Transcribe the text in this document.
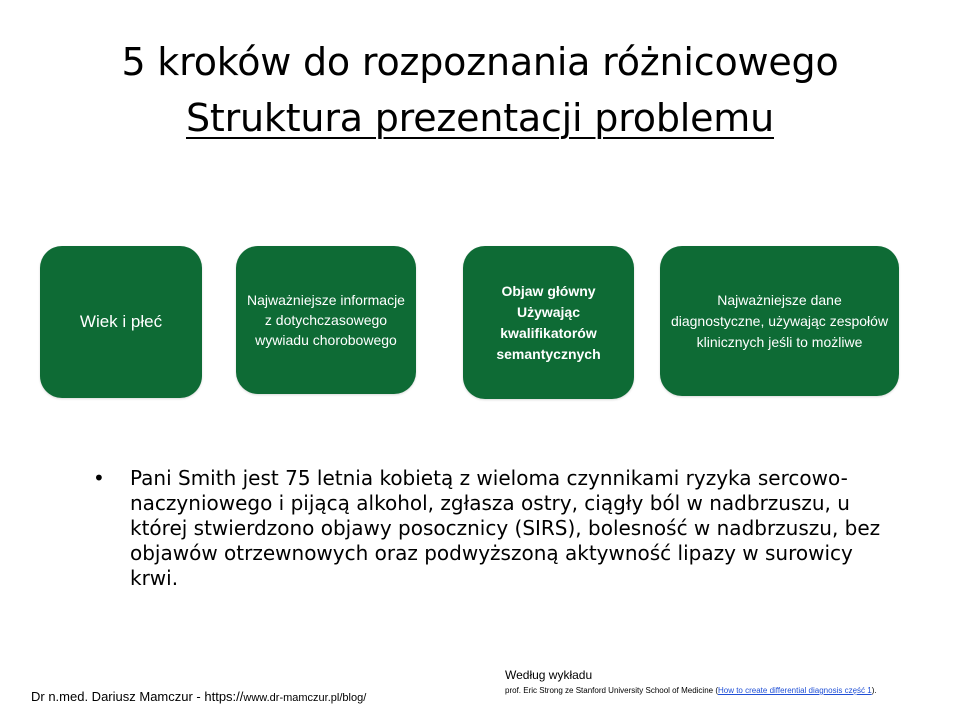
5 kroków do rozpoznania różnicowego
Struktura prezentacji problemu
Wiek i płeć
Najważniejsze informacje z dotychczasowego wywiadu chorobowego
Objaw główny Używając kwalifikatorów semantycznych
Najważniejsze dane diagnostyczne, używając zespołów klinicznych jeśli to możliwe
• Pani Smith jest 75 letnia kobietą z wieloma czynnikami ryzyka sercowo-naczyniowego i pijącą alkohol, zgłasza ostry, ciągły ból w nadbrzuszu, u której stwierdzono objawy posocznicy (SIRS), bolesność w nadbrzuszu, bez objawów otrzewnowych oraz podwyższoną aktywność lipazy w surowicy krwi.
Dr n.med. Dariusz Mamczur - https://www.dr-mamczur.pl/blog/
Według wykładu
prof. Eric Strong ze Stanford University School of Medicine (How to create differential diagnosis część 1).
